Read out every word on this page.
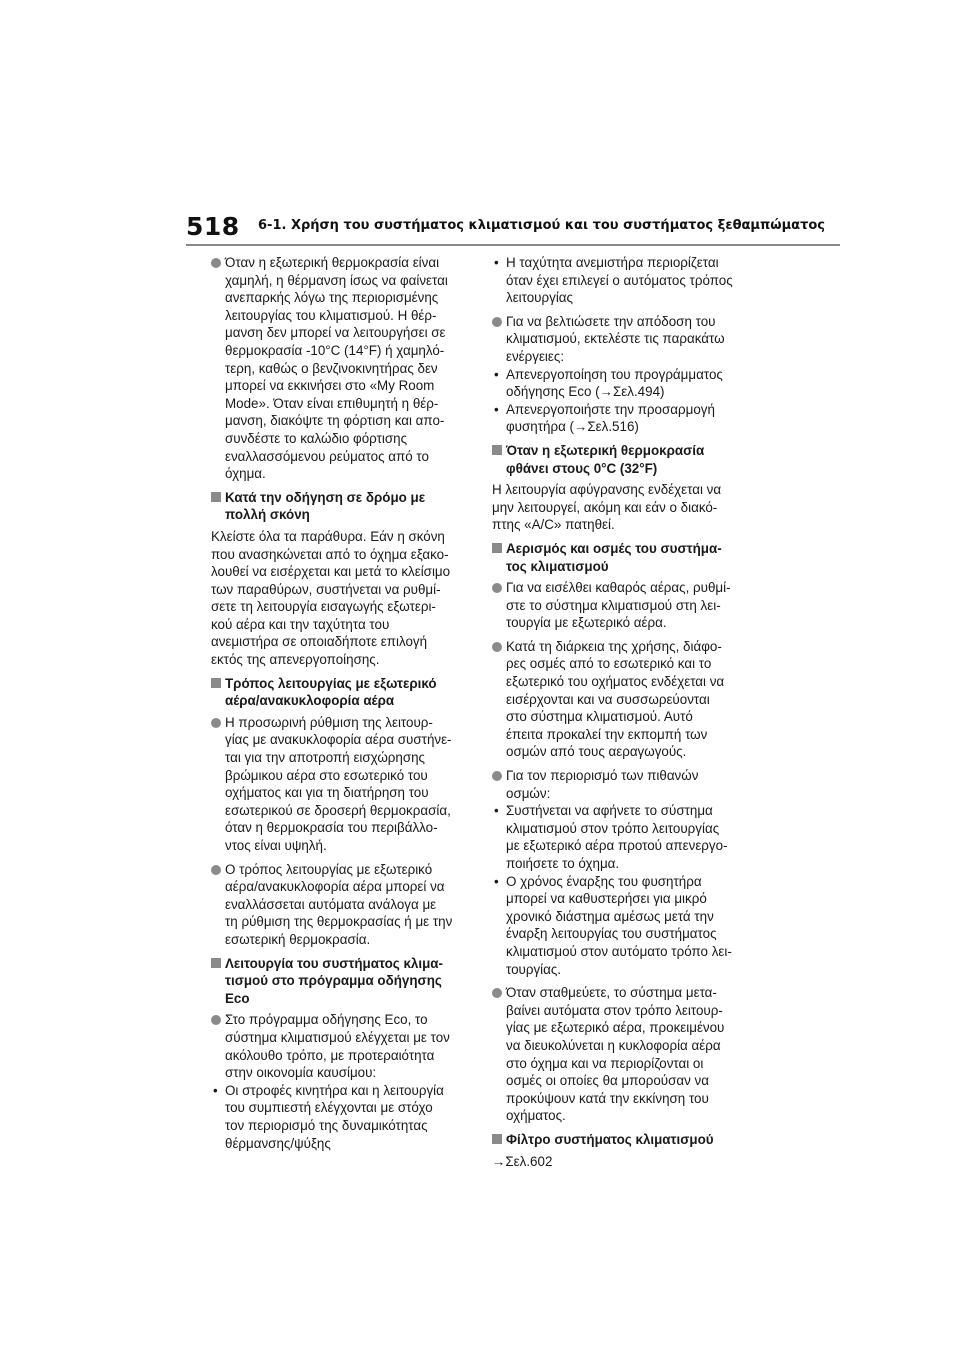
518 6-1. Χρήση του συστήματος κλιματισμού και του συστήματος ξεθαμπώματος
Όταν η εξωτερική θερμοκρασία είναι
χαμηλή, η θέρμανση ίσως να φαίνεται
ανεπαρκής λόγω της περιορισμένης
λειτουργίας του κλιματισμού. Η θέρ-
μανση δεν μπορεί να λειτουργήσει σε
θερμοκρασία -10°C (14°F) ή χαμηλό-
τερη, καθώς ο βενζινοκινητήρας δεν
μπορεί να εκκινήσει στο «My Room
Mode». Όταν είναι επιθυμητή η θέρ-
μανση, διακόψτε τη φόρτιση και απο-
συνδέστε το καλώδιο φόρτισης
εναλλασσόμενου ρεύματος από το
όχημα.
Κατά την οδήγηση σε δρόμο με
πολλή σκόνη
Κλείστε όλα τα παράθυρα. Εάν η σκόνη
που ανασηκώνεται από το όχημα εξακο-
λουθεί να εισέρχεται και μετά το κλείσιμο
των παραθύρων, συστήνεται να ρυθμί-
σετε τη λειτουργία εισαγωγής εξωτερι-
κού αέρα και την ταχύτητα του
ανεμιστήρα σε οποιαδήποτε επιλογή
εκτός της απενεργοποίησης.
Τρόπος λειτουργίας με εξωτερικό
αέρα/ανακυκλοφορία αέρα
Η προσωρινή ρύθμιση της λειτουρ-
γίας με ανακυκλοφορία αέρα συστήνε-
ται για την αποτροπή εισχώρησης
βρώμικου αέρα στο εσωτερικό του
οχήματος και για τη διατήρηση του
εσωτερικού σε δροσερή θερμοκρασία,
όταν η θερμοκρασία του περιβάλλο-
ντος είναι υψηλή.
Ο τρόπος λειτουργίας με εξωτερικό
αέρα/ανακυκλοφορία αέρα μπορεί να
εναλλάσσεται αυτόματα ανάλογα με
τη ρύθμιση της θερμοκρασίας ή με την
εσωτερική θερμοκρασία.
Λειτουργία του συστήματος κλιμα-
τισμού στο πρόγραμμα οδήγησης
Eco
Στο πρόγραμμα οδήγησης Eco, το
σύστημα κλιματισμού ελέγχεται με τον
ακόλουθο τρόπο, με προτεραιότητα
στην οικονομία καυσίμου:
• Οι στροφές κινητήρα και η λειτουργία
του συμπιεστή ελέγχονται με στόχο
τον περιορισμό της δυναμικότητας
θέρμανσης/ψύξης
• Η ταχύτητα ανεμιστήρα περιορίζεται
όταν έχει επιλεγεί ο αυτόματος τρόπος
λειτουργίας
Για να βελτιώσετε την απόδοση του
κλιματισμού, εκτελέστε τις παρακάτω
ενέργειες:
• Απενεργοποίηση του προγράμματος
οδήγησης Eco (→Σελ.494)
• Απενεργοποιήστε την προσαρμογή
φυσητήρα (→Σελ.516)
Όταν η εξωτερική θερμοκρασία
φθάνει στους 0°C (32°F)
Η λειτουργία αφύγρανσης ενδέχεται να
μην λειτουργεί, ακόμη και εάν ο διακό-
πτης «A/C» πατηθεί.
Αερισμός και οσμές του συστήμα-
τος κλιματισμού
Για να εισέλθει καθαρός αέρας, ρυθμί-
στε το σύστημα κλιματισμού στη λει-
τουργία με εξωτερικό αέρα.
Κατά τη διάρκεια της χρήσης, διάφο-
ρες οσμές από το εσωτερικό και το
εξωτερικό του οχήματος ενδέχεται να
εισέρχονται και να συσσωρεύονται
στο σύστημα κλιματισμού. Αυτό
έπειτα προκαλεί την εκπομπή των
οσμών από τους αεραγωγούς.
Για τον περιορισμό των πιθανών
οσμών:
• Συστήνεται να αφήνετε το σύστημα
κλιματισμού στον τρόπο λειτουργίας
με εξωτερικό αέρα προτού απενεργο-
ποιήσετε το όχημα.
• Ο χρόνος έναρξης του φυσητήρα
μπορεί να καθυστερήσει για μικρό
χρονικό διάστημα αμέσως μετά την
έναρξη λειτουργίας του συστήματος
κλιματισμού στον αυτόματο τρόπο λει-
τουργίας.
Όταν σταθμεύετε, το σύστημα μετα-
βαίνει αυτόματα στον τρόπο λειτουρ-
γίας με εξωτερικό αέρα, προκειμένου
να διευκολύνεται η κυκλοφορία αέρα
στο όχημα και να περιορίζονται οι
οσμές οι οποίες θα μπορούσαν να
προκύψουν κατά την εκκίνηση του
οχήματος.
Φίλτρο συστήματος κλιματισμού
→Σελ.602
